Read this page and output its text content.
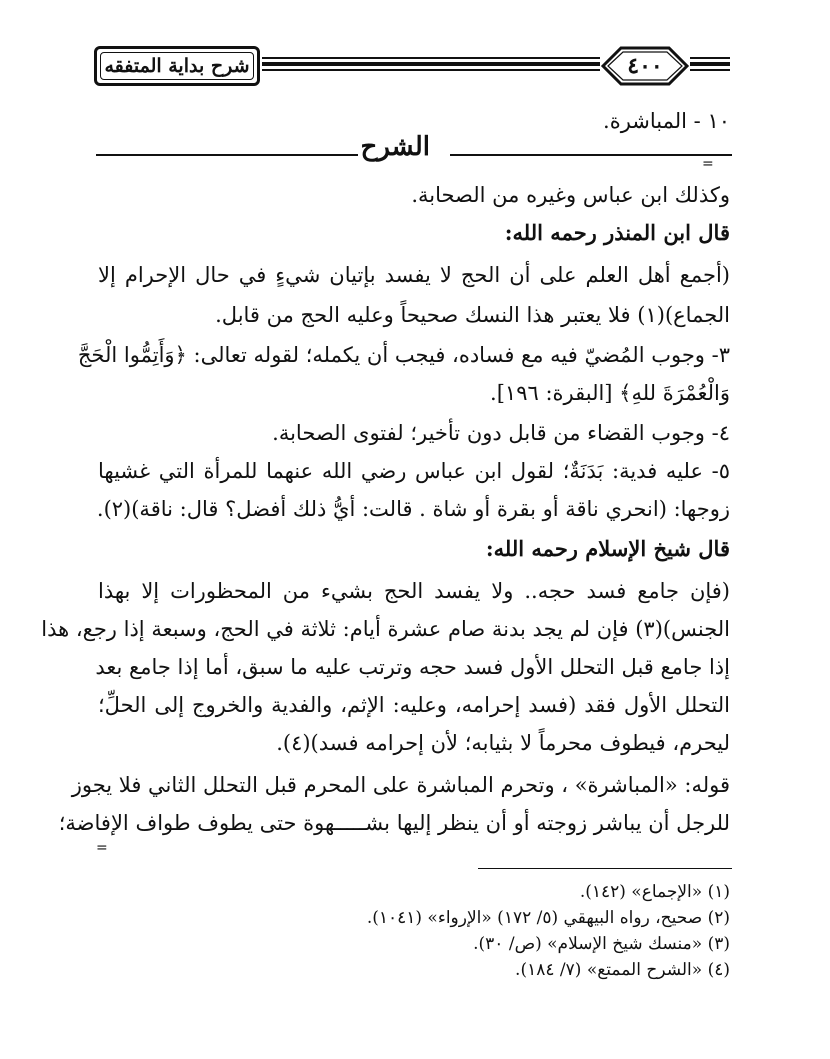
شرح بداية المتفقه	٤٠٠
١٠ - المباشرة.
الشرح
وكذلك ابن عباس وغيره من الصحابة.
قال ابن المنذر رحمه الله:
(أجمع أهل العلم على أن الحج لا يفسد بإتيان شيءٍ في حال الإحرام إلا
الجماع)(١) فلا يعتبر هذا النسك صحيحاً وعليه الحج من قابل.
٣- وجوب المُضيّ فيه مع فساده، فيجب أن يكمله؛ لقوله تعالى: ﴿وَأَتِمُّوا الْحَجَّ
وَالْعُمْرَةَ للهِ﴾ [البقرة: ١٩٦].
٤- وجوب القضاء من قابل دون تأخير؛ لفتوى الصحابة.
٥- عليه فدية: بَدَنَةٌ؛ لقول ابن عباس رضي الله عنهما للمرأة التي غشيها
زوجها: (انحري ناقة أو بقرة أو شاة . قالت: أيُّ ذلك أفضل؟ قال: ناقة)(٢).
قال شيخ الإسلام رحمه الله:
(فإن جامع فسد حجه.. ولا يفسد الحج بشيء من المحظورات إلا بهذا
الجنس)(٣) فإن لم يجد بدنة صام عشرة أيام: ثلاثة في الحج، وسبعة إذا رجع، هذا
إذا جامع قبل التحلل الأول فسد حجه وترتب عليه ما سبق، أما إذا جامع بعد
التحلل الأول فقد (فسد إحرامه، وعليه: الإثم، والفدية والخروج إلى الحلِّ؛
ليحرم، فيطوف محرماً لا بثيابه؛ لأن إحرامه فسد)(٤).
قوله: «المباشرة» ، وتحرم المباشرة على المحرم قبل التحلل الثاني فلا يجوز
للرجل أن يباشر زوجته أو أن ينظر إليها بشـــــهوة حتى يطوف طواف الإفاضة؛
=
=
(١) «الإجماع» (١٤٢).
(٢) صحيح، رواه البيهقي (٥/ ١٧٢) «الإرواء» (١٠٤١).
(٣) «منسك شيخ الإسلام» (ص/ ٣٠).
(٤) «الشرح الممتع» (٧/ ١٨٤).
